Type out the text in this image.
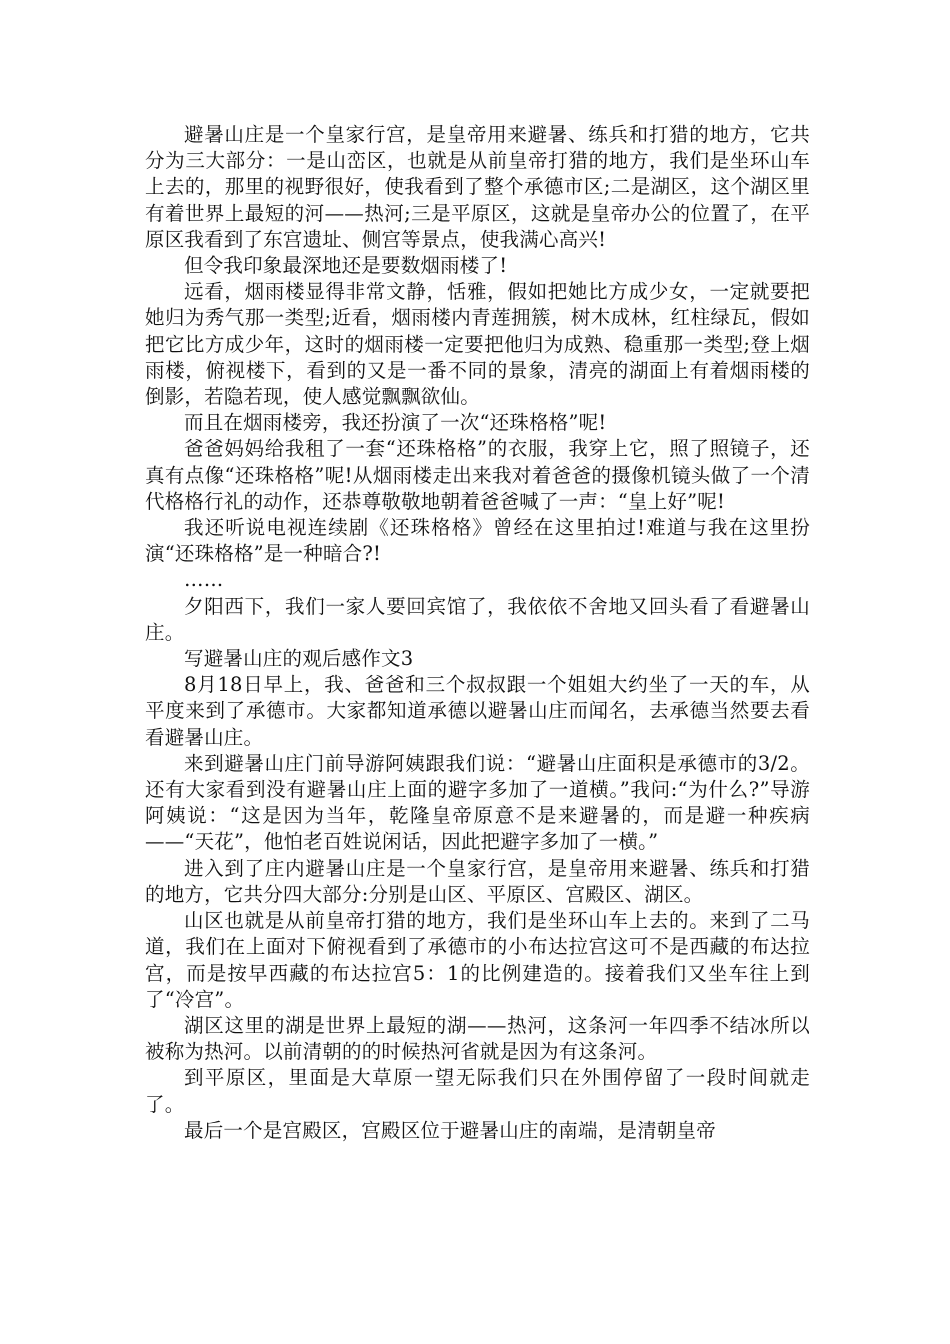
避暑山庄是一个皇家行宫，是皇帝用来避暑、练兵和打猎的地方，它共分为三大部分：一是山峦区，也就是从前皇帝打猎的地方，我们是坐环山车上去的，那里的视野很好，使我看到了整个承德市区;二是湖区，这个湖区里有着世界上最短的河——热河;三是平原区，这就是皇帝办公的位置了，在平原区我看到了东宫遗址、侧宫等景点，使我满心高兴!

但令我印象最深地还是要数烟雨楼了!

远看，烟雨楼显得非常文静，恬雅，假如把她比方成少女，一定就要把她归为秀气那一类型;近看，烟雨楼内青莲拥簇，树木成林，红柱绿瓦，假如把它比方成少年，这时的烟雨楼一定要把他归为成熟、稳重那一类型;登上烟雨楼，俯视楼下，看到的又是一番不同的景象，清亮的湖面上有着烟雨楼的倒影，若隐若现，使人感觉飘飘欲仙。

而且在烟雨楼旁，我还扮演了一次“还珠格格”呢!

爸爸妈妈给我租了一套“还珠格格”的衣服，我穿上它，照了照镜子，还真有点像“还珠格格”呢!从烟雨楼走出来我对着爸爸的摄像机镜头做了一个清代格格行礼的动作，还恭尊敬敬地朝着爸爸喊了一声：“皇上好”呢!

我还听说电视连续剧《还珠格格》曾经在这里拍过!难道与我在这里扮演“还珠格格”是一种暗合?!

……

夕阳西下，我们一家人要回宾馆了，我依依不舍地又回头看了看避暑山庄。

写避暑山庄的观后感作文3

8月18日早上，我、爸爸和三个叔叔跟一个姐姐大约坐了一天的车，从平度来到了承德市。大家都知道承德以避暑山庄而闻名，去承德当然要去看看避暑山庄。

来到避暑山庄门前导游阿姨跟我们说：“避暑山庄面积是承德市的3/2。还有大家看到没有避暑山庄上面的避字多加了一道横。”我问:“为什么?”导游阿姨说：“这是因为当年，乾隆皇帝原意不是来避暑的，而是避一种疾病——“天花”，他怕老百姓说闲话，因此把避字多加了一横。”

进入到了庄内避暑山庄是一个皇家行宫，是皇帝用来避暑、练兵和打猎的地方，它共分四大部分:分别是山区、平原区、宫殿区、湖区。

山区也就是从前皇帝打猎的地方，我们是坐环山车上去的。来到了二马道，我们在上面对下俯视看到了承德市的小布达拉宫这可不是西藏的布达拉宫，而是按早西藏的布达拉宫5：1的比例建造的。接着我们又坐车往上到了“冷宫”。

湖区这里的湖是世界上最短的湖——热河，这条河一年四季不结冰所以被称为热河。以前清朝的的时候热河省就是因为有这条河。

到平原区，里面是大草原一望无际我们只在外围停留了一段时间就走了。

最后一个是宫殿区，宫殿区位于避暑山庄的南端，是清朝皇帝
